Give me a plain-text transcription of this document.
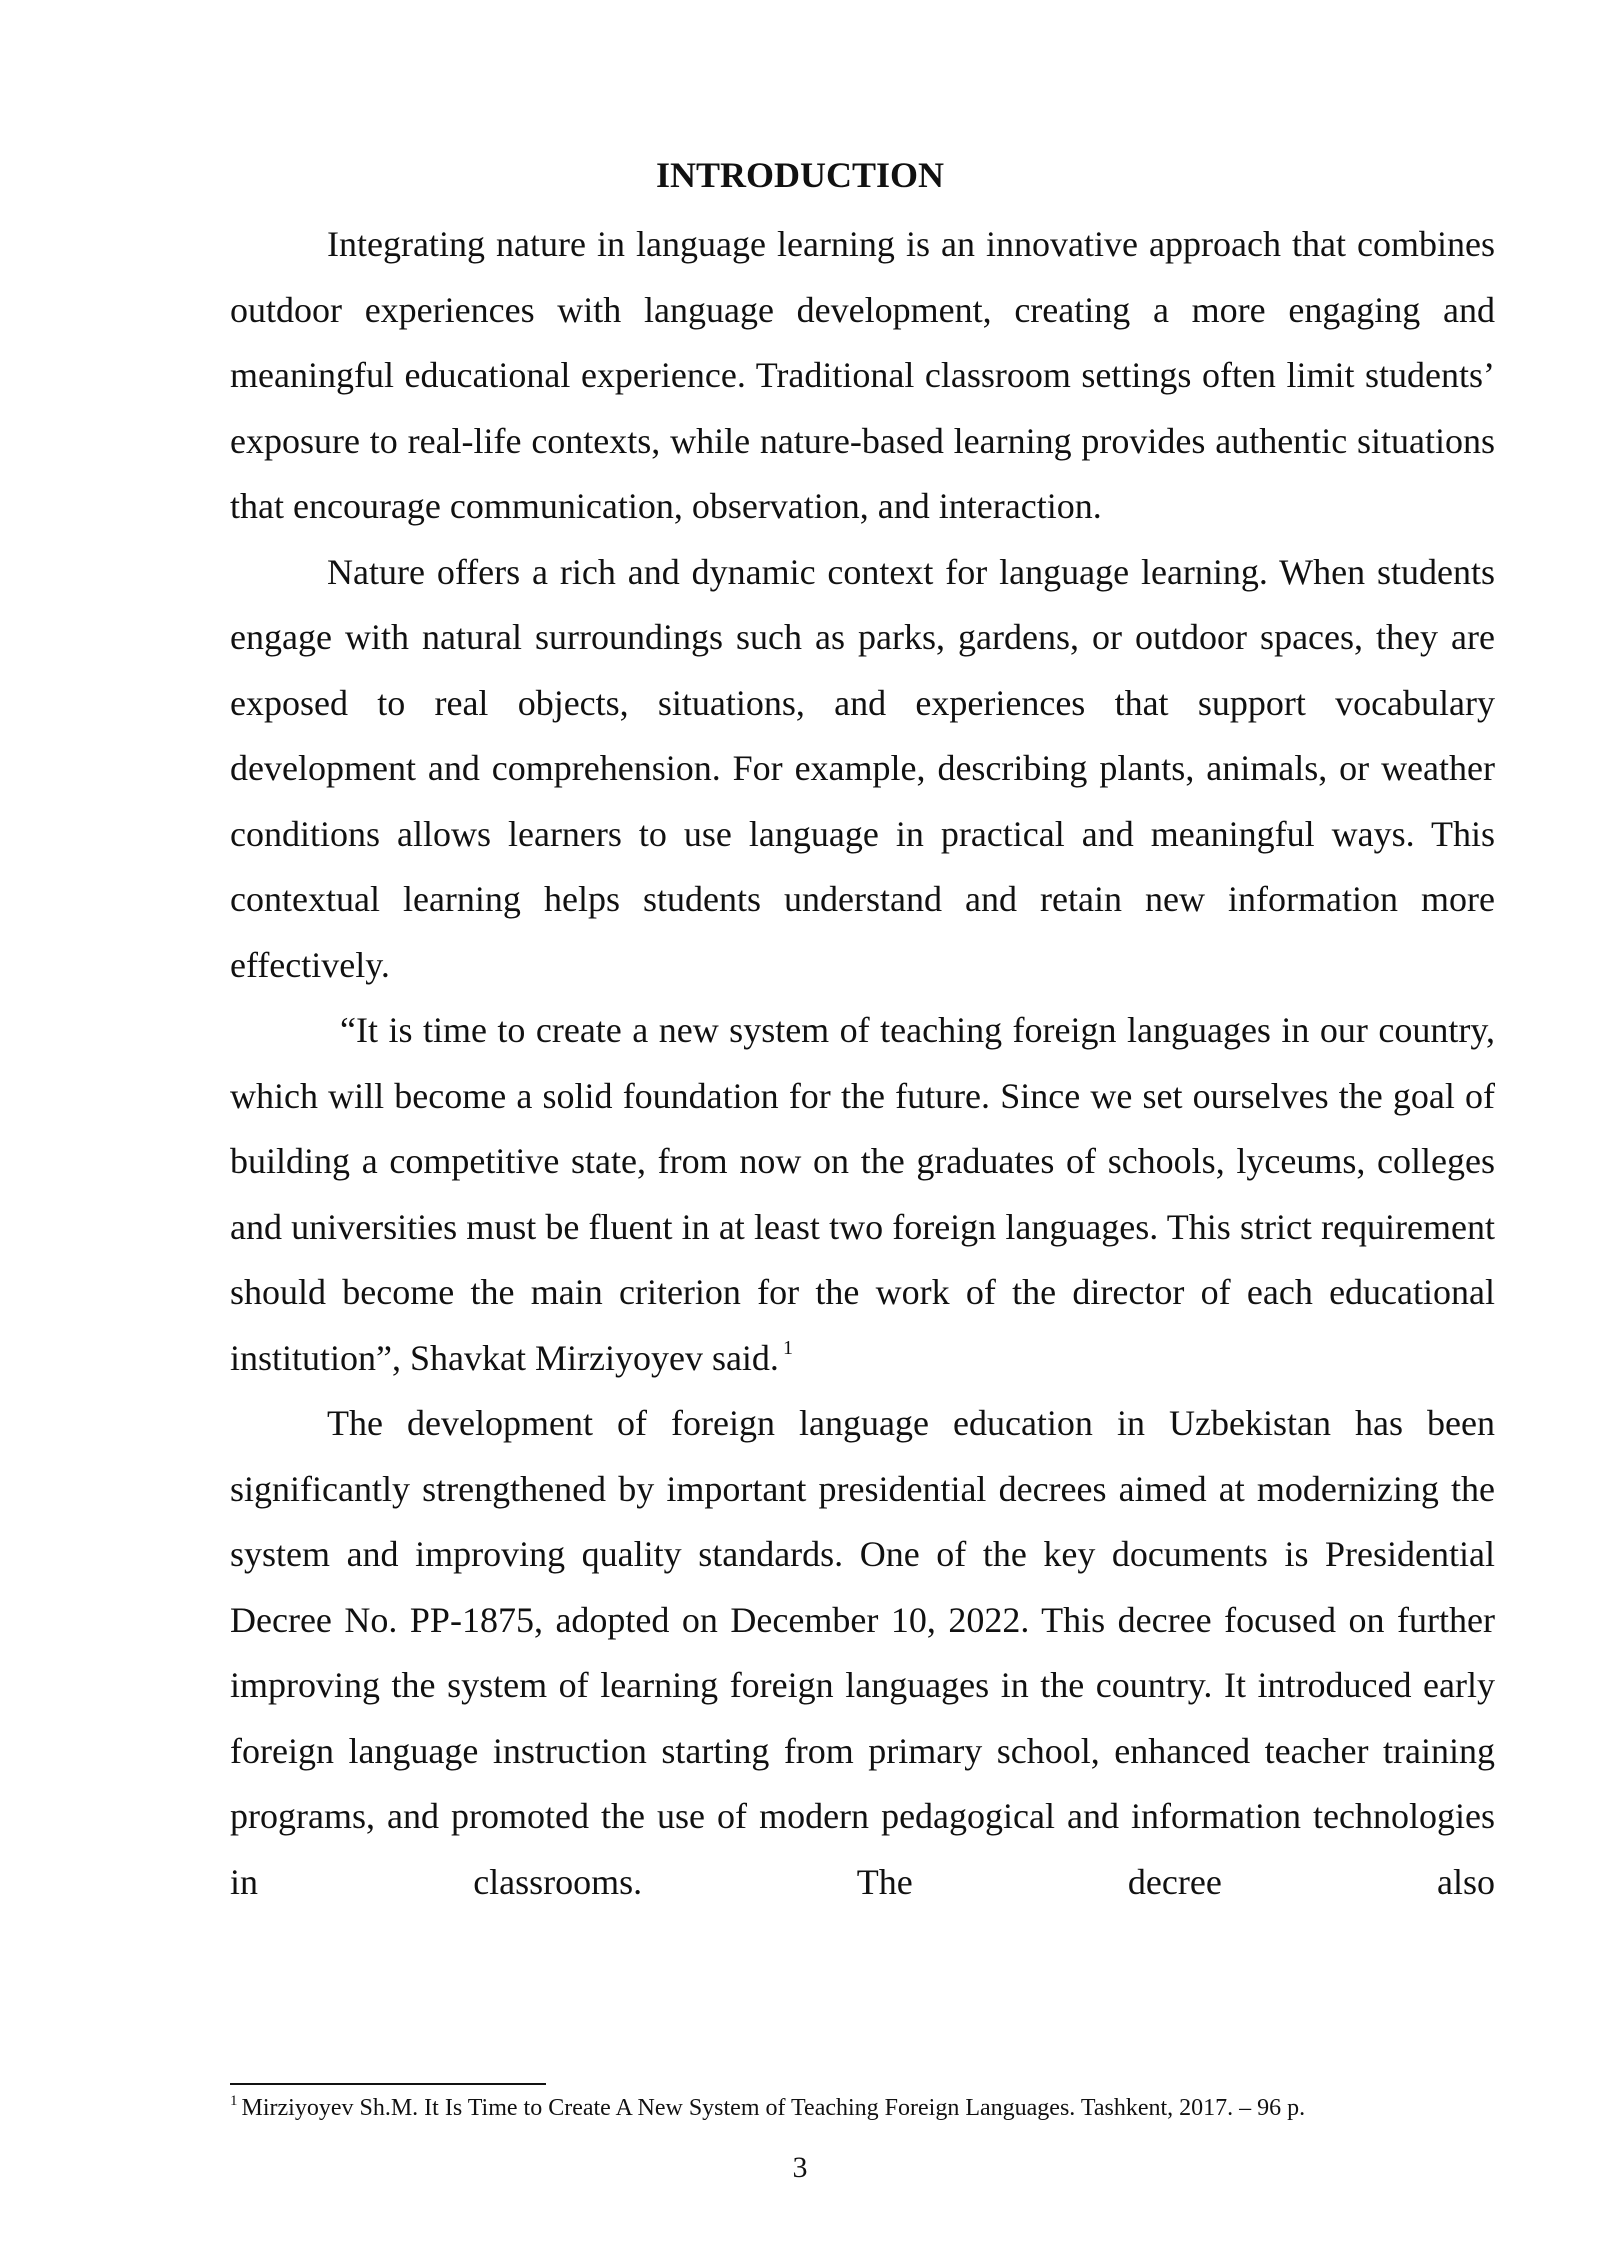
INTRODUCTION

Integrating nature in language learning is an innovative approach that combines outdoor experiences with language development, creating a more engaging and meaningful educational experience. Traditional classroom settings often limit students’ exposure to real-life contexts, while nature-based learning provides authentic situations that encourage communication, observation, and interaction.

Nature offers a rich and dynamic context for language learning. When students engage with natural surroundings such as parks, gardens, or outdoor spaces, they are exposed to real objects, situations, and experiences that support vocabulary development and comprehension. For example, describing plants, animals, or weather conditions allows learners to use language in practical and meaningful ways. This contextual learning helps students understand and retain new information more effectively.

“It is time to create a new system of teaching foreign languages in our country, which will become a solid foundation for the future. Since we set ourselves the goal of building a competitive state, from now on the graduates of schools, lyceums, colleges and universities must be fluent in at least two foreign languages. This strict requirement should become the main criterion for the work of the director of each educational institution”, Shavkat Mirziyoyev said. $^1$

The development of foreign language education in Uzbekistan has been significantly strengthened by important presidential decrees aimed at modernizing the system and improving quality standards. One of the key documents is Presidential Decree No. PP-1875, adopted on December 10, 2022. This decree focused on further improving the system of learning foreign languages in the country. It introduced early foreign language instruction starting from primary school, enhanced teacher training programs, and promoted the use of modern pedagogical and information technologies in classrooms. The decree also

$^1$ Mirziyoyev Sh.M. It Is Time to Create A New System of Teaching Foreign Languages. Tashkent, 2017. – 96 p.
3
